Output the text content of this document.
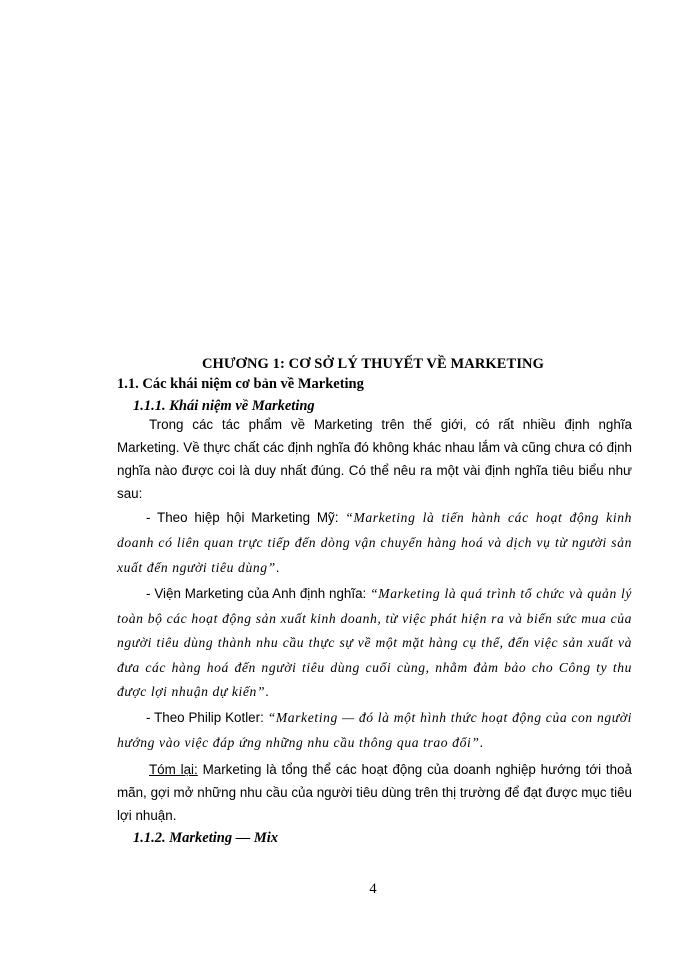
CHƯƠNG 1: CƠ SỞ LÝ THUYẾT VỀ MARKETING
1.1. Các khái niệm cơ bản về Marketing
1.1.1. Khái niệm về Marketing
Trong các tác phẩm về Marketing trên thế giới, có rất nhiều định nghĩa Marketing. Về thực chất các định nghĩa đó không khác nhau lắm và cũng chưa có định nghĩa nào được coi là duy nhất đúng. Có thể nêu ra một vài định nghĩa tiêu biểu như sau:
- Theo hiệp hội Marketing Mỹ: “Marketing là tiến hành các hoạt động kinh doanh có liên quan trực tiếp đến dòng vận chuyển hàng hoá và dịch vụ từ người sản xuất đến người tiêu dùng”.
- Viện Marketing của Anh định nghĩa: “Marketing là quá trình tổ chức và quản lý toàn bộ các hoạt động sản xuất kinh doanh, từ việc phát hiện ra và biến sức mua của người tiêu dùng thành nhu cầu thực sự về một mặt hàng cụ thể, đến việc sản xuất và đưa các hàng hoá đến người tiêu dùng cuối cùng, nhằm đảm bảo cho Công ty thu được lợi nhuận dự kiến”.
- Theo Philip Kotler: “Marketing — đó là một hình thức hoạt động của con người hướng vào việc đáp ứng những nhu cầu thông qua trao đổi”.
Tóm lại: Marketing là tổng thể các hoạt động của doanh nghiệp hướng tới thoả mãn, gợi mở những nhu cầu của người tiêu dùng trên thị trường để đạt được mục tiêu lợi nhuận.
1.1.2. Marketing — Mix
4
